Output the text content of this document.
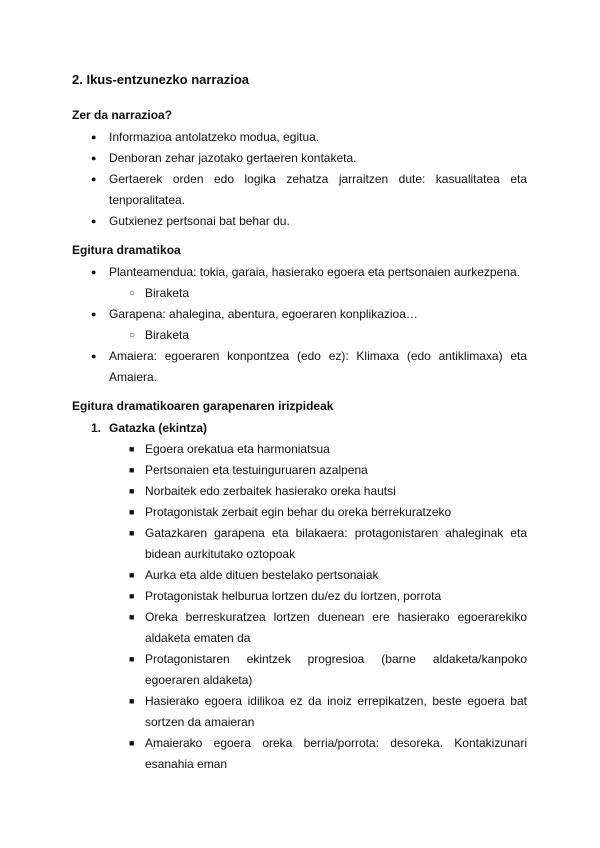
2. Ikus-entzunezko narrazioa
Zer da narrazioa?
● Informazioa antolatzeko modua, egitua.
● Denboran zehar jazotako gertaeren kontaketa.
● Gertaerek orden edo logika zehatza jarraitzen dute: kasualitatea eta tenporalitatea.
● Gutxienez pertsonai bat behar du.
Egitura dramatikoa
● Planteamendua: tokia, garaia, hasierako egoera eta pertsonaien aurkezpena.
○ Biraketa
● Garapena: ahalegina, abentura, egoeraren konplikazioa…
○ Biraketa
● Amaiera: egoeraren konpontzea (edo ez): Klimaxa (edo antiklimaxa) eta Amaiera.
Egitura dramatikoaren garapenaren irizpideak
1. Gatazka (ekintza)
■ Egoera orekatua eta harmoniatsua
■ Pertsonaien eta testuinguruaren azalpena
■ Norbaitek edo zerbaitek hasierako oreka hautsi
■ Protagonistak zerbait egin behar du oreka berrekuratzeko
■ Gatazkaren garapena eta bilakaera: protagonistaren ahaleginak eta bidean aurkitutako oztopoak
■ Aurka eta alde dituen bestelako pertsonaiak
■ Protagonistak helburua lortzen du/ez du lortzen, porrota
■ Oreka berreskuratzea lortzen duenean ere hasierako egoerarekiko aldaketa ematen da
■ Protagonistaren ekintzek progresioa (barne aldaketa/kanpoko egoeraren aldaketa)
■ Hasierako egoera idilikoa ez da inoiz errepikatzen, beste egoera bat sortzen da amaieran
■ Amaierako egoera oreka berria/porrota: desoreka. Kontakizunari esanahia eman
